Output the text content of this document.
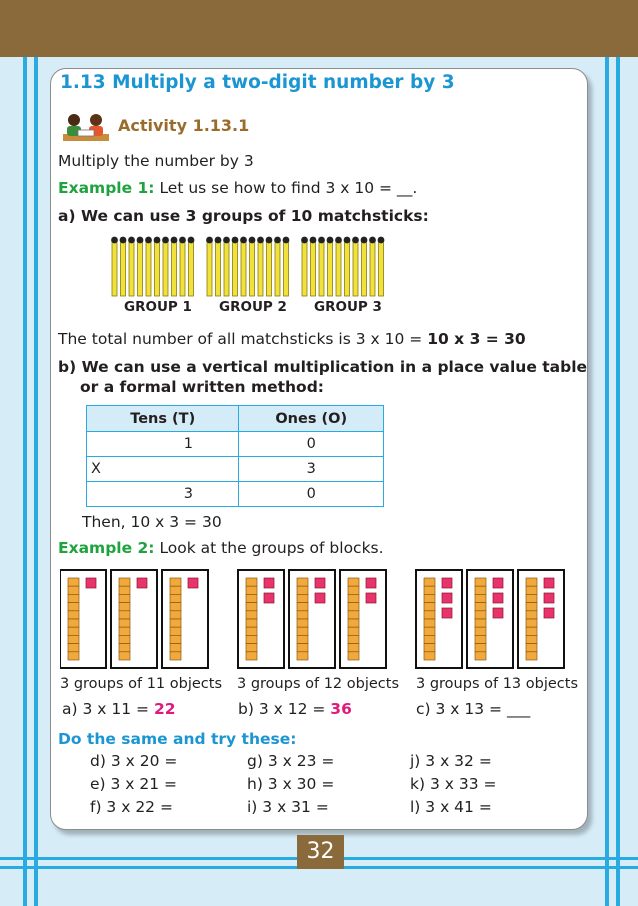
1.13 Multiply a two-digit number by 3
Activity 1.13.1
Multiply the number by 3
Example 1: Let us se how to find 3 x 10 = __.
a) We can use 3 groups of 10 matchsticks:
GROUP 1 GROUP 2 GROUP 3
The total number of all matchsticks is 3 x 10 = 10 x 3 = 30
b) We can use a vertical multiplication in a place value table
or a formal written method:
Tens (T)		Ones (O)
	1	0
X		3
	3	0
Then, 10 x 3 = 30
Example 2: Look at the groups of blocks.
3 groups of 11 objects 3 groups of 12 objects 3 groups of 13 objects
a) 3 x 11 = 22	b) 3 x 12 = 36	c) 3 x 13 = ___
Do the same and try these:
d) 3 x 20 =	g) 3 x 23 =	j) 3 x 32 =
e) 3 x 21 =	h) 3 x 30 =	k) 3 x 33 =
f) 3 x 22 =	i) 3 x 31 =	l) 3 x 41 =
32
